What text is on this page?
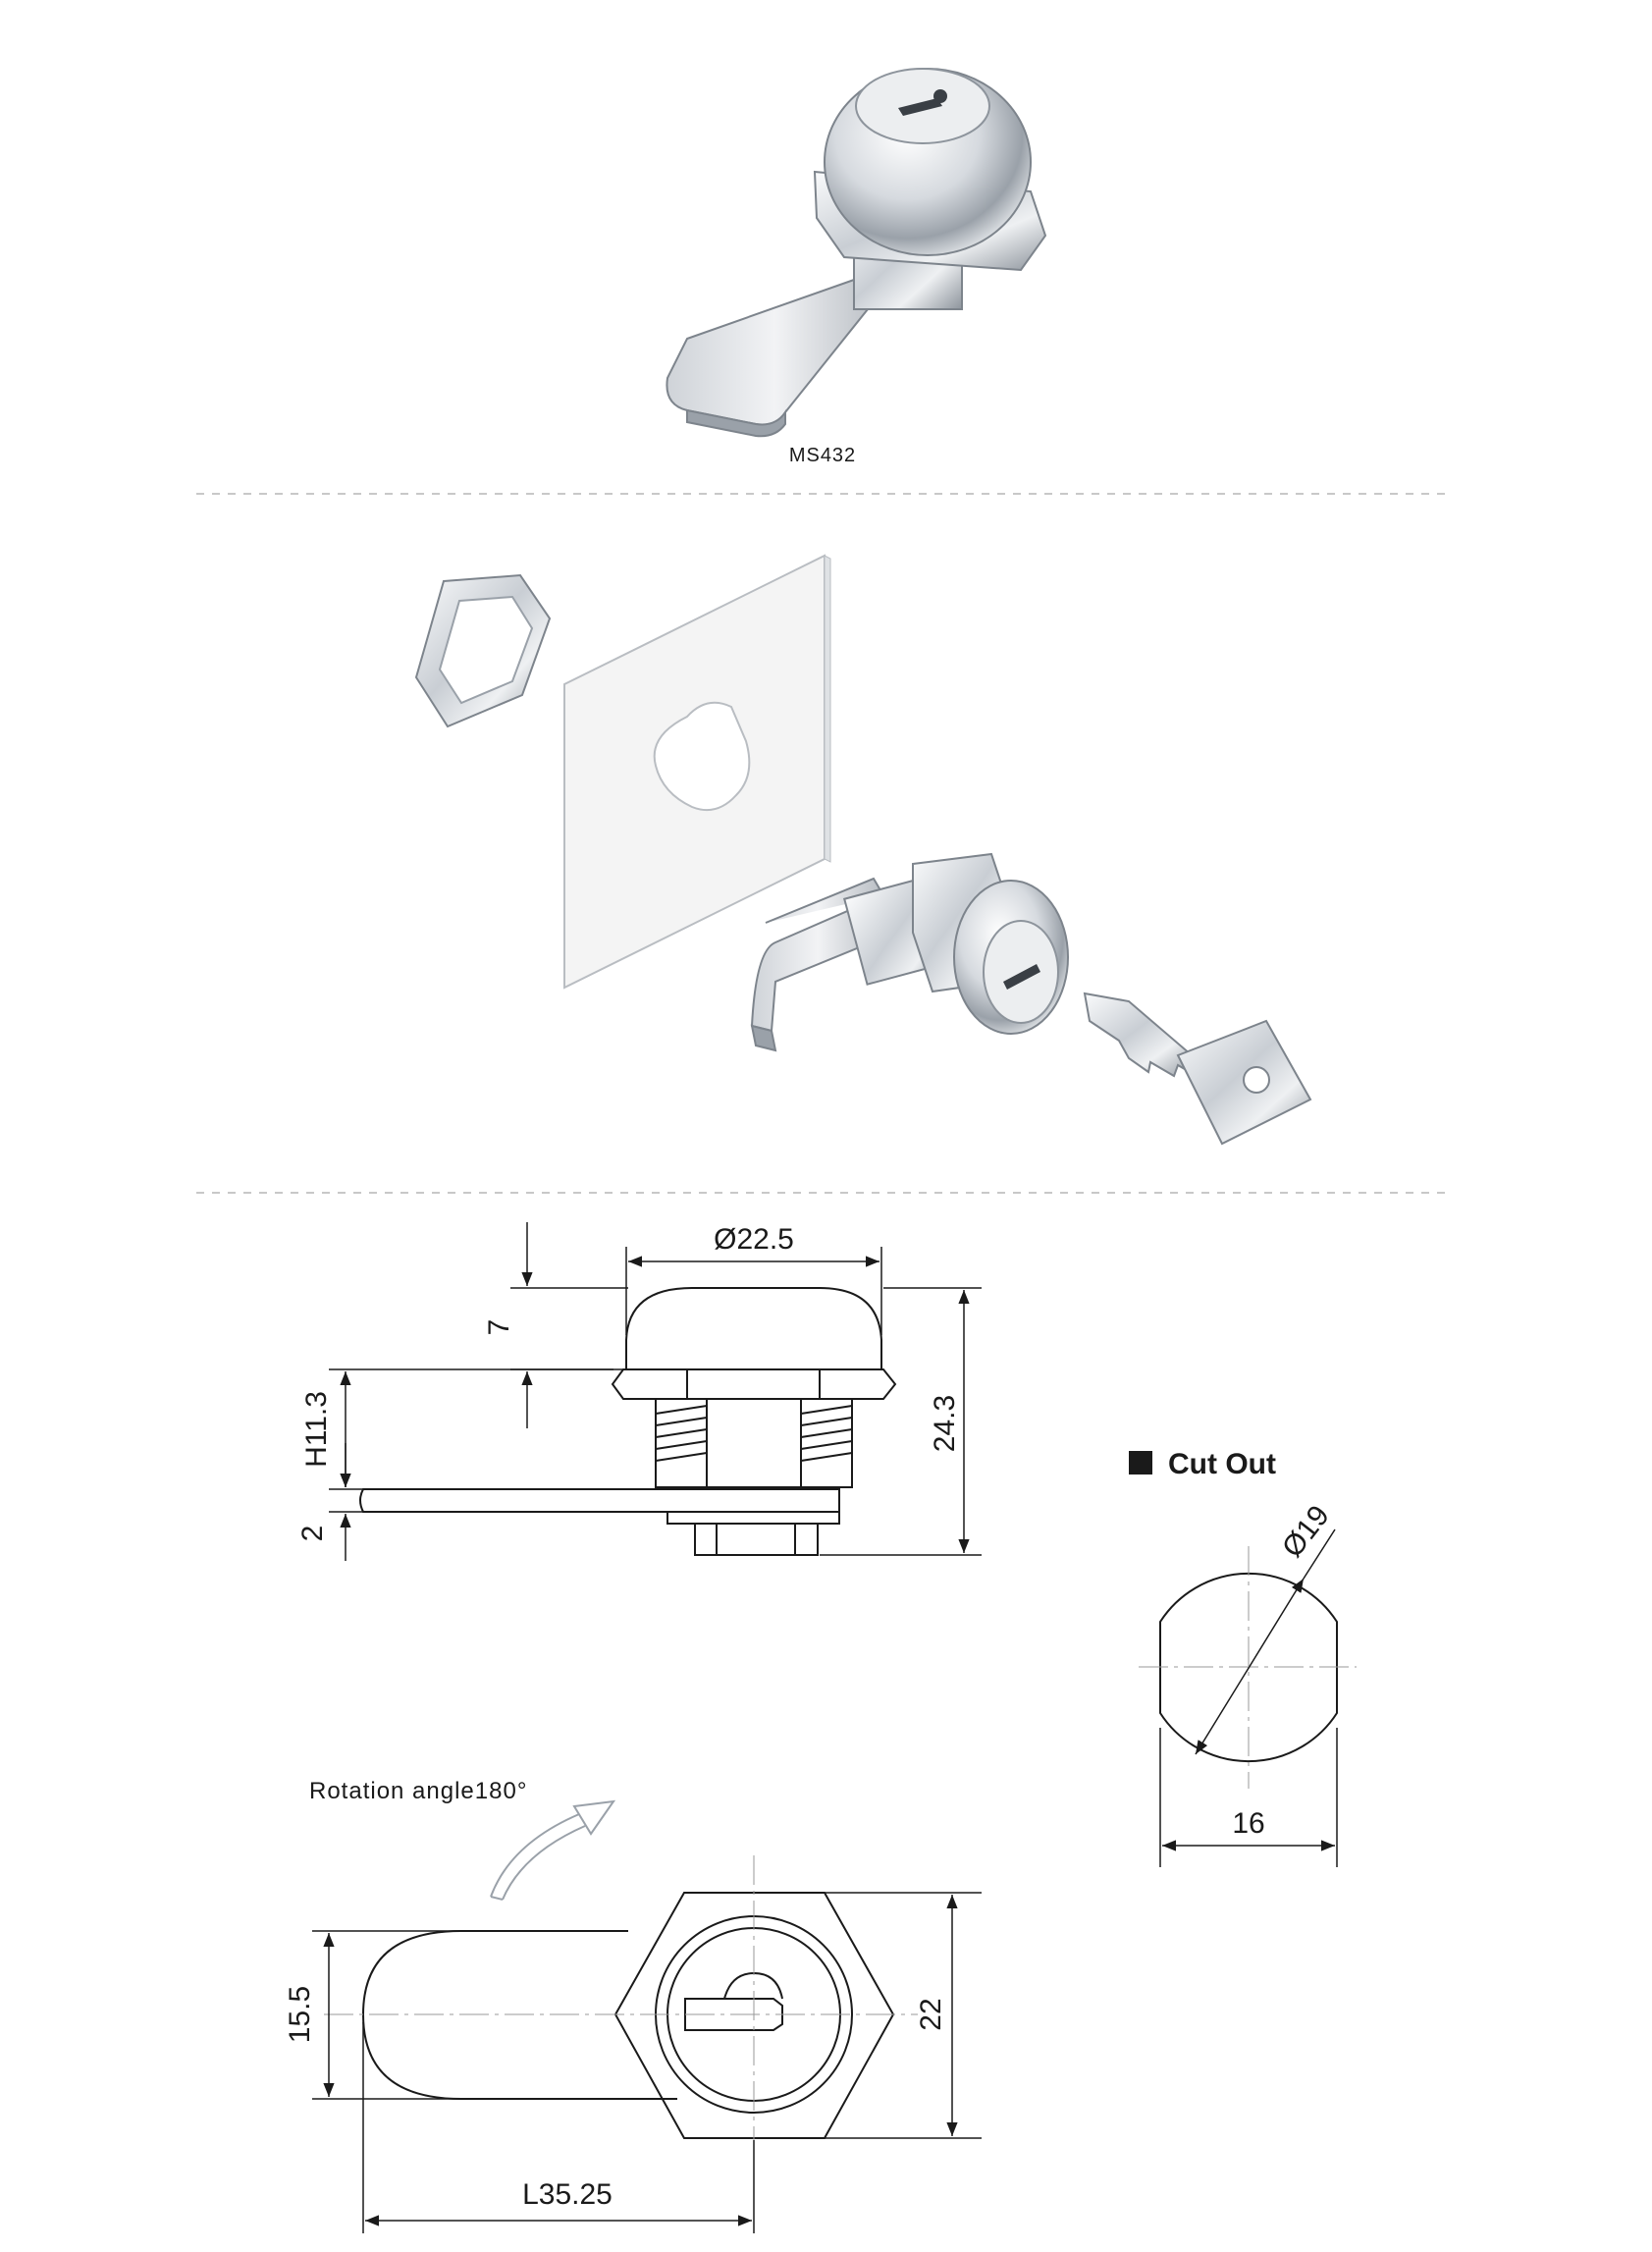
MS432
Ø22.5
7
H11.3
2
24.3
Cut Out
Ø19
16
Rotation angle180°
15.5	22
L35.25
